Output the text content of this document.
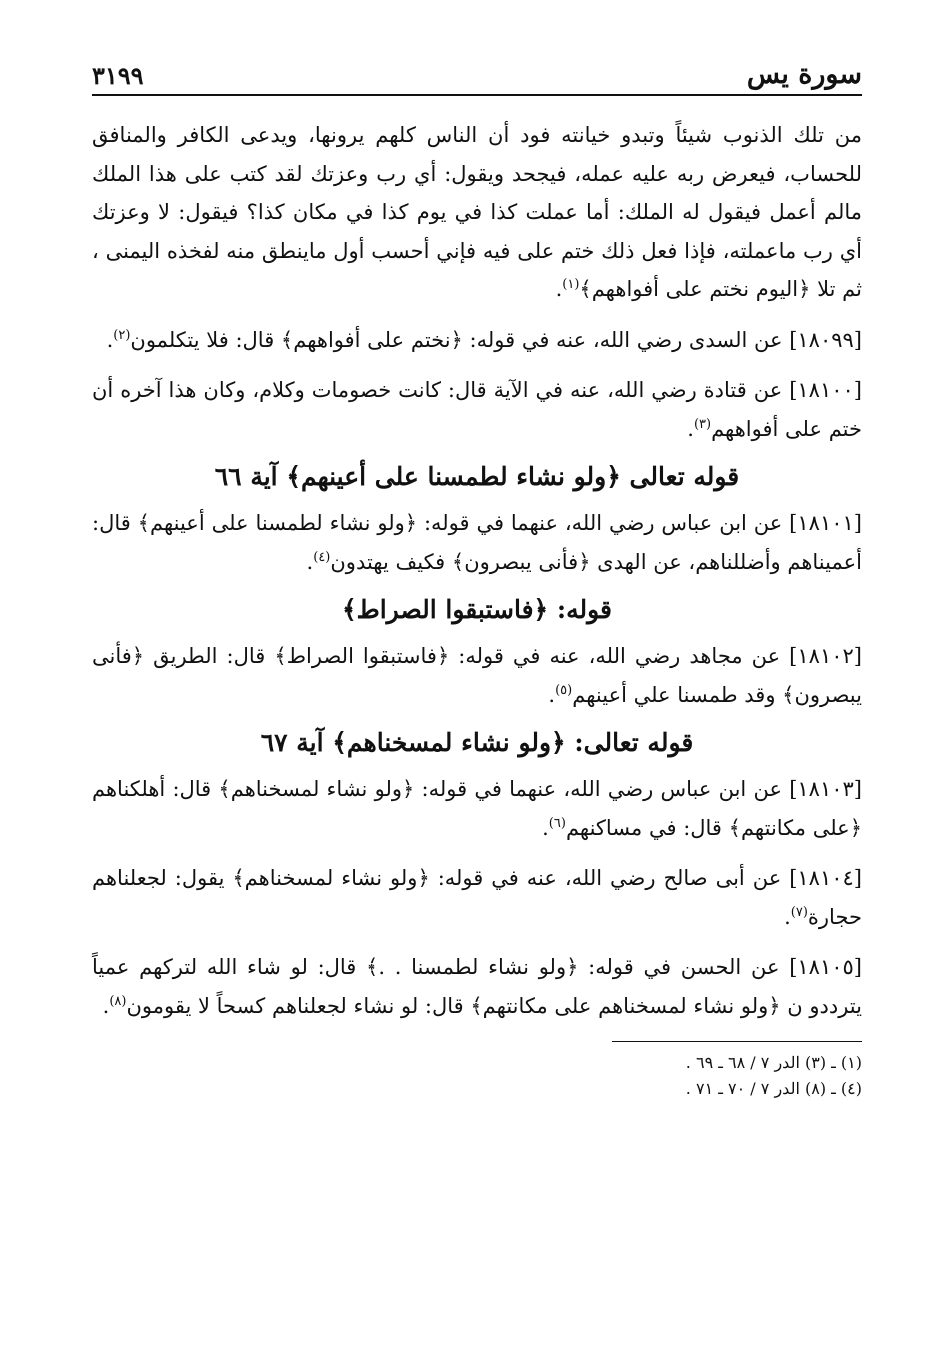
سورة يس
٣١٩٩

من تلك الذنوب شيئاً وتبدو خيانته فود أن الناس كلهم يرونها، ويدعى الكافر والمنافق للحساب، فيعرض ربه عليه عمله، فيجحد ويقول: أي رب وعزتك لقد كتب على هذا الملك مالم أعمل فيقول له الملك: أما عملت كذا في يوم كذا في مكان كذا؟ فيقول: لا وعزتك أي رب ماعملته، فإذا فعل ذلك ختم على فيه فإني أحسب أول ماينطق منه لفخذه اليمنى ، ثم تلا ﴿اليوم نختم على أفواههم﴾$^{(١)}$.

[١٨٠٩٩] عن السدى رضي الله، عنه في قوله: ﴿نختم على أفواههم﴾ قال: فلا يتكلمون$^{(٢)}$.

[١٨١٠٠] عن قتادة رضي الله، عنه في الآية قال: كانت خصومات وكلام، وكان هذا آخره أن ختم على أفواههم$^{(٣)}$.

قوله تعالى ﴿ولو نشاء لطمسنا على أعينهم﴾ آية ٦٦

[١٨١٠١] عن ابن عباس رضي الله، عنهما في قوله: ﴿ولو نشاء لطمسنا على أعينهم﴾ قال: أعميناهم وأضللناهم، عن الهدى ﴿فأنى يبصرون﴾ فكيف يهتدون$^{(٤)}$.

قوله: ﴿فاستبقوا الصراط﴾

[١٨١٠٢] عن مجاهد رضي الله، عنه في قوله: ﴿فاستبقوا الصراط﴾ قال: الطريق ﴿فأنى يبصرون﴾ وقد طمسنا علي أعينهم$^{(٥)}$.

قوله تعالى: ﴿ولو نشاء لمسخناهم﴾ آية ٦٧

[١٨١٠٣] عن ابن عباس رضي الله، عنهما في قوله: ﴿ولو نشاء لمسخناهم﴾ قال: أهلكناهم ﴿على مكانتهم﴾ قال: في مساكنهم$^{(٦)}$.

[١٨١٠٤] عن أبى صالح رضي الله، عنه في قوله: ﴿ولو نشاء لمسخناهم﴾ يقول: لجعلناهم حجارة$^{(٧)}$.

[١٨١٠٥] عن الحسن في قوله: ﴿ولو نشاء لطمسنا . .﴾ قال: لو شاء الله لتركهم عمياً يترددو ن ﴿ولو نشاء لمسخناهم على مكانتهم﴾ قال: لو نشاء لجعلناهم كسحاً لا يقومون$^{(٨)}$.

(١) ـ (٣) الدر ٧ / ٦٨ ـ ٦٩ .
(٤) ـ (٨) الدر ٧ / ٧٠ ـ ٧١ .
